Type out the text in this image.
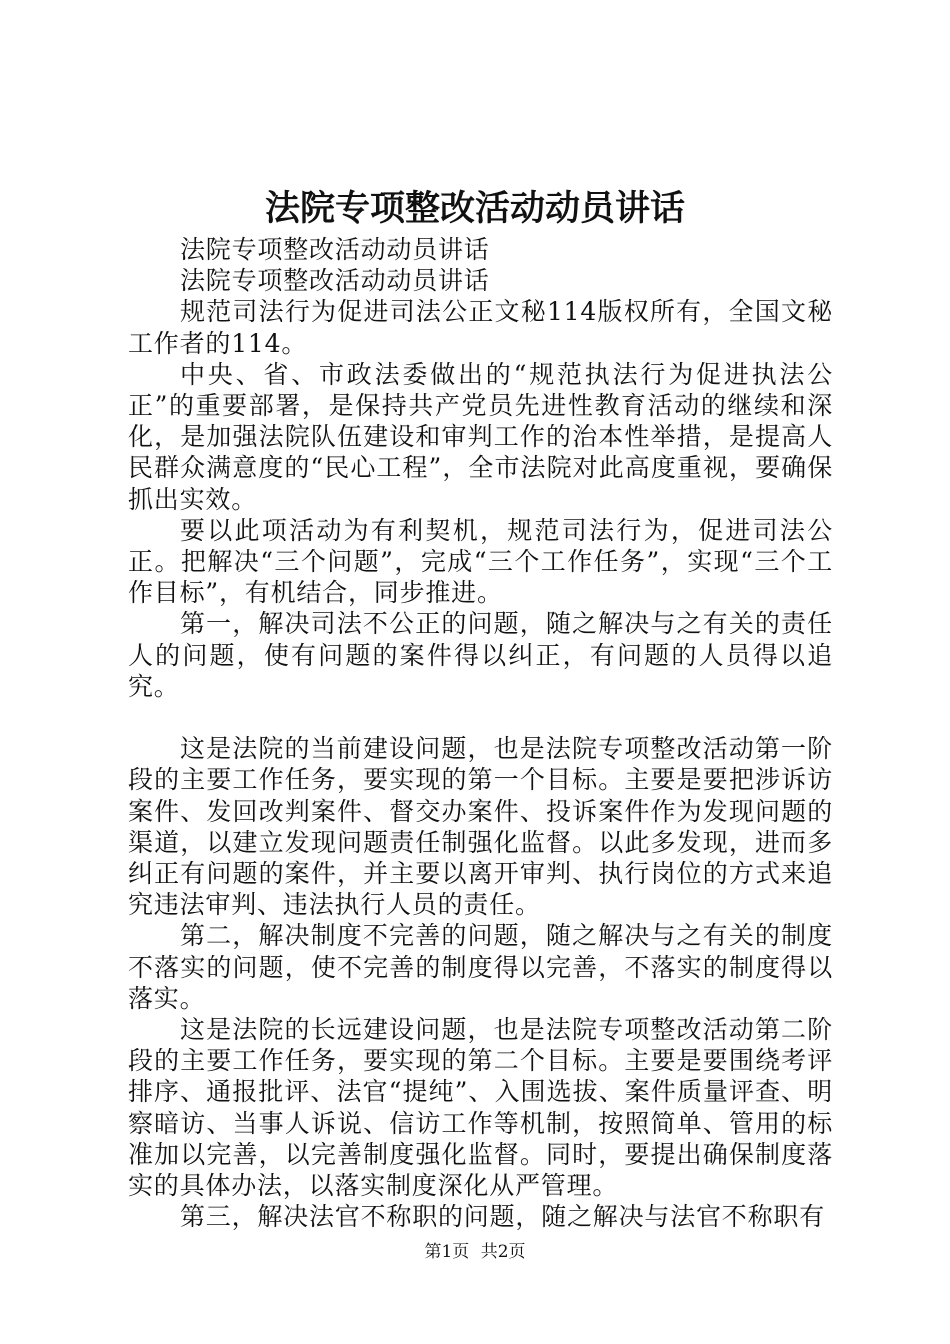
法院专项整改活动动员讲话

法院专项整改活动动员讲话

法院专项整改活动动员讲话

规范司法行为促进司法公正文秘114版权所有，全国文秘工作者的114。

中央、省、市政法委做出的“规范执法行为促进执法公正”的重要部署，是保持共产党员先进性教育活动的继续和深化，是加强法院队伍建设和审判工作的治本性举措，是提高人民群众满意度的“民心工程”，全市法院对此高度重视，要确保抓出实效。

要以此项活动为有利契机，规范司法行为，促进司法公正。把解决“三个问题”，完成“三个工作任务”，实现“三个工作目标”，有机结合，同步推进。

第一，解决司法不公正的问题，随之解决与之有关的责任人的问题，使有问题的案件得以纠正，有问题的人员得以追究。

这是法院的当前建设问题，也是法院专项整改活动第一阶段的主要工作任务，要实现的第一个目标。主要是要把涉诉访案件、发回改判案件、督交办案件、投诉案件作为发现问题的渠道，以建立发现问题责任制强化监督。以此多发现，进而多纠正有问题的案件，并主要以离开审判、执行岗位的方式来追究违法审判、违法执行人员的责任。

第二，解决制度不完善的问题，随之解决与之有关的制度不落实的问题，使不完善的制度得以完善，不落实的制度得以落实。

这是法院的长远建设问题，也是法院专项整改活动第二阶段的主要工作任务，要实现的第二个目标。主要是要围绕考评排序、通报批评、法官“提纯”、入围选拔、案件质量评查、明察暗访、当事人诉说、信访工作等机制，按照简单、管用的标准加以完善，以完善制度强化监督。同时，要提出确保制度落实的具体办法，以落实制度深化从严管理。

第三，解决法官不称职的问题，随之解决与法官不称职有

第1页 共2页
